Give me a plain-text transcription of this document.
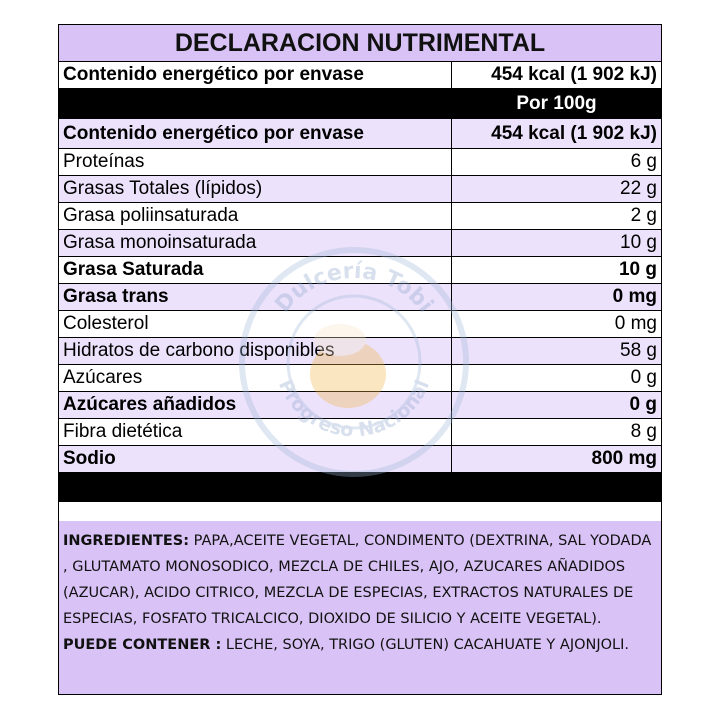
DECLARACION NUTRIMENTAL
Contenido energético por envase	454 kcal (1 902 kJ)
Por 100g
Contenido energético por envase	454 kcal (1 902 kJ)
Proteínas	6 g
Grasas Totales (lípidos)	22 g
Grasa poliinsaturada	2 g
Grasa monoinsaturada	10 g
Grasa Saturada	10 g
Grasa trans	0 mg
Colesterol	0 mg
Hidratos de carbono disponibles	58 g
Azúcares	0 g
Azúcares añadidos	0 g
Fibra dietética	8 g
Sodio	800 mg
INGREDIENTES: PAPA,ACEITE VEGETAL, CONDIMENTO (DEXTRINA, SAL YODADA , GLUTAMATO MONOSODICO, MEZCLA DE CHILES, AJO, AZUCARES AÑADIDOS (AZUCAR), ACIDO CITRICO, MEZCLA DE ESPECIAS, EXTRACTOS NATURALES DE ESPECIAS, FOSFATO TRICALCICO, DIOXIDO DE SILICIO Y ACEITE VEGETAL). PUEDE CONTENER : LECHE, SOYA, TRIGO (GLUTEN) CACAHUATE Y AJONJOLI.
Dulcería Tobi
Progreso Nacional
